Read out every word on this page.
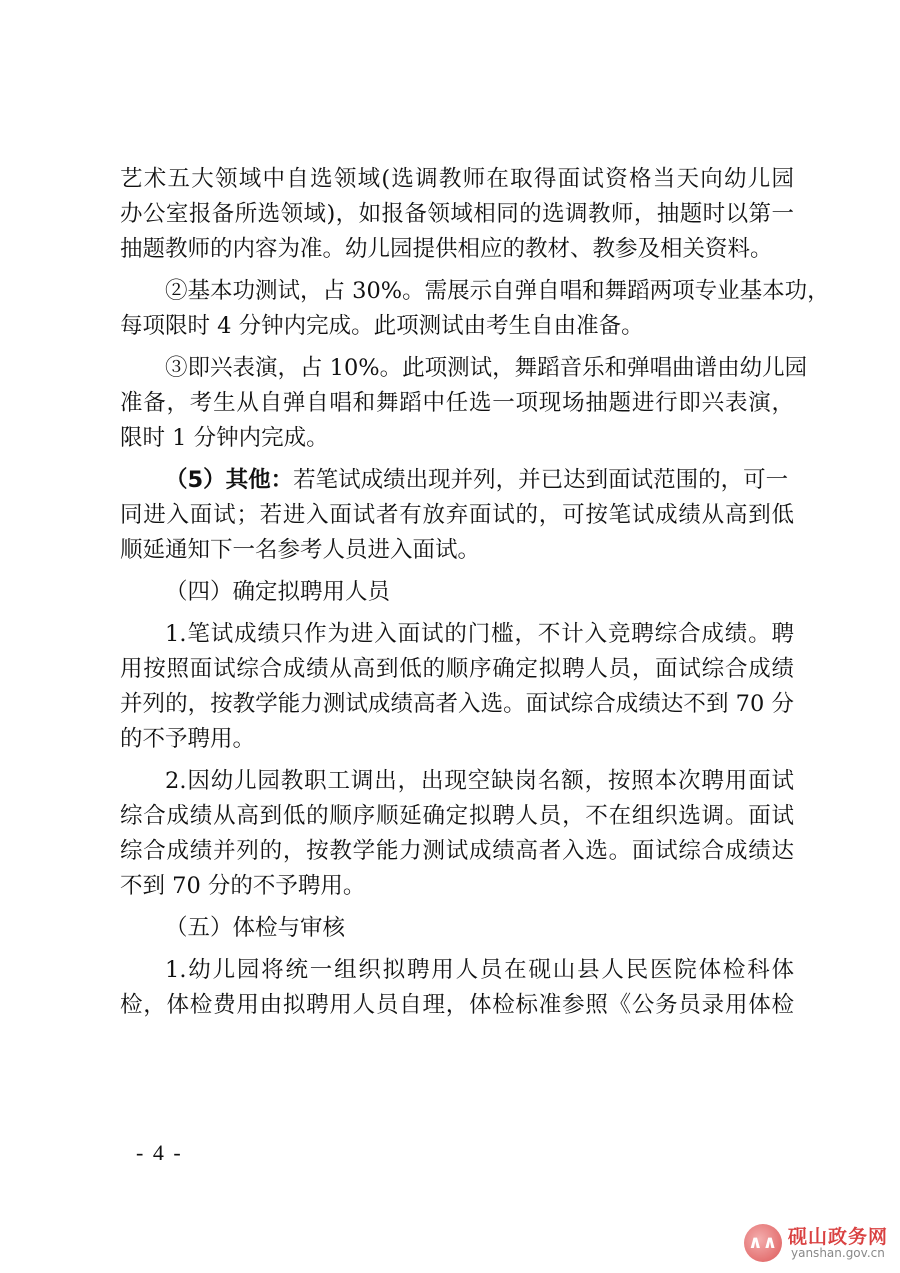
艺术五大领域中自选领域(选调教师在取得面试资格当天向幼儿园
办公室报备所选领域)，如报备领域相同的选调教师，抽题时以第一
抽题教师的内容为准。幼儿园提供相应的教材、教参及相关资料。
②基本功测试，占 30%。需展示自弹自唱和舞蹈两项专业基本功，
每项限时 4 分钟内完成。此项测试由考生自由准备。
③即兴表演，占 10%。此项测试，舞蹈音乐和弹唱曲谱由幼儿园
准备，考生从自弹自唱和舞蹈中任选一项现场抽题进行即兴表演，
限时 1 分钟内完成。
（5）其他：若笔试成绩出现并列，并已达到面试范围的，可一
同进入面试；若进入面试者有放弃面试的，可按笔试成绩从高到低
顺延通知下一名参考人员进入面试。
（四）确定拟聘用人员
1.笔试成绩只作为进入面试的门槛，不计入竞聘综合成绩。聘
用按照面试综合成绩从高到低的顺序确定拟聘人员，面试综合成绩
并列的，按教学能力测试成绩高者入选。面试综合成绩达不到 70 分
的不予聘用。
2.因幼儿园教职工调出，出现空缺岗名额，按照本次聘用面试
综合成绩从高到低的顺序顺延确定拟聘人员，不在组织选调。面试
综合成绩并列的，按教学能力测试成绩高者入选。面试综合成绩达
不到 70 分的不予聘用。
（五）体检与审核
1.幼儿园将统一组织拟聘用人员在砚山县人民医院体检科体
检，体检费用由拟聘用人员自理，体检标准参照《公务员录用体检
- 4 -
∧∧ 砚山政务网
yanshan.gov.cn
